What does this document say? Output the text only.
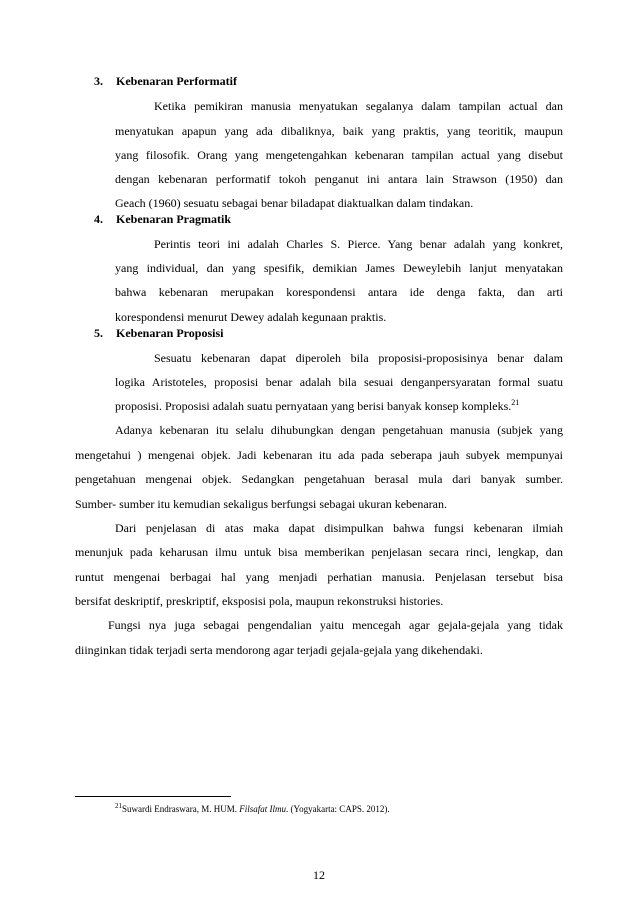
3. Kebenaran Performatif
Ketika pemikiran manusia menyatukan segalanya dalam tampilan actual dan
menyatukan apapun yang ada dibaliknya, baik yang praktis, yang teoritik, maupun
yang filosofik. Orang yang mengetengahkan kebenaran tampilan actual yang disebut
dengan kebenaran performatif tokoh penganut ini antara lain Strawson (1950) dan
Geach (1960) sesuatu sebagai benar biladapat diaktualkan dalam tindakan.
4. Kebenaran Pragmatik
Perintis teori ini adalah Charles S. Pierce. Yang benar adalah yang konkret,
yang individual, dan yang spesifik, demikian James Deweylebih lanjut menyatakan
bahwa kebenaran merupakan korespondensi antara ide denga fakta, dan arti
korespondensi menurut Dewey adalah kegunaan praktis.
5. Kebenaran Proposisi
Sesuatu kebenaran dapat diperoleh bila proposisi-proposisinya benar dalam
logika Aristoteles, proposisi benar adalah bila sesuai denganpersyaratan formal suatu
proposisi. Proposisi adalah suatu pernyataan yang berisi banyak konsep kompleks.$^{21}$
Adanya kebenaran itu selalu dihubungkan dengan pengetahuan manusia (subjek yang
mengetahui ) mengenai objek. Jadi kebenaran itu ada pada seberapa jauh subyek mempunyai
pengetahuan mengenai objek. Sedangkan pengetahuan berasal mula dari banyak sumber.
Sumber- sumber itu kemudian sekaligus berfungsi sebagai ukuran kebenaran.
Dari penjelasan di atas maka dapat disimpulkan bahwa fungsi kebenaran ilmiah
menunjuk pada keharusan ilmu untuk bisa memberikan penjelasan secara rinci, lengkap, dan
runtut mengenai berbagai hal yang menjadi perhatian manusia. Penjelasan tersebut bisa
bersifat deskriptif, preskriptif, eksposisi pola, maupun rekonstruksi histories.
Fungsi nya juga sebagai pengendalian yaitu mencegah agar gejala-gejala yang tidak
diinginkan tidak terjadi serta mendorong agar terjadi gejala-gejala yang dikehendaki.
$^{21}$Suwardi Endraswara, M. HUM. Filsafat Ilmu. (Yogyakarta: CAPS. 2012).
12
